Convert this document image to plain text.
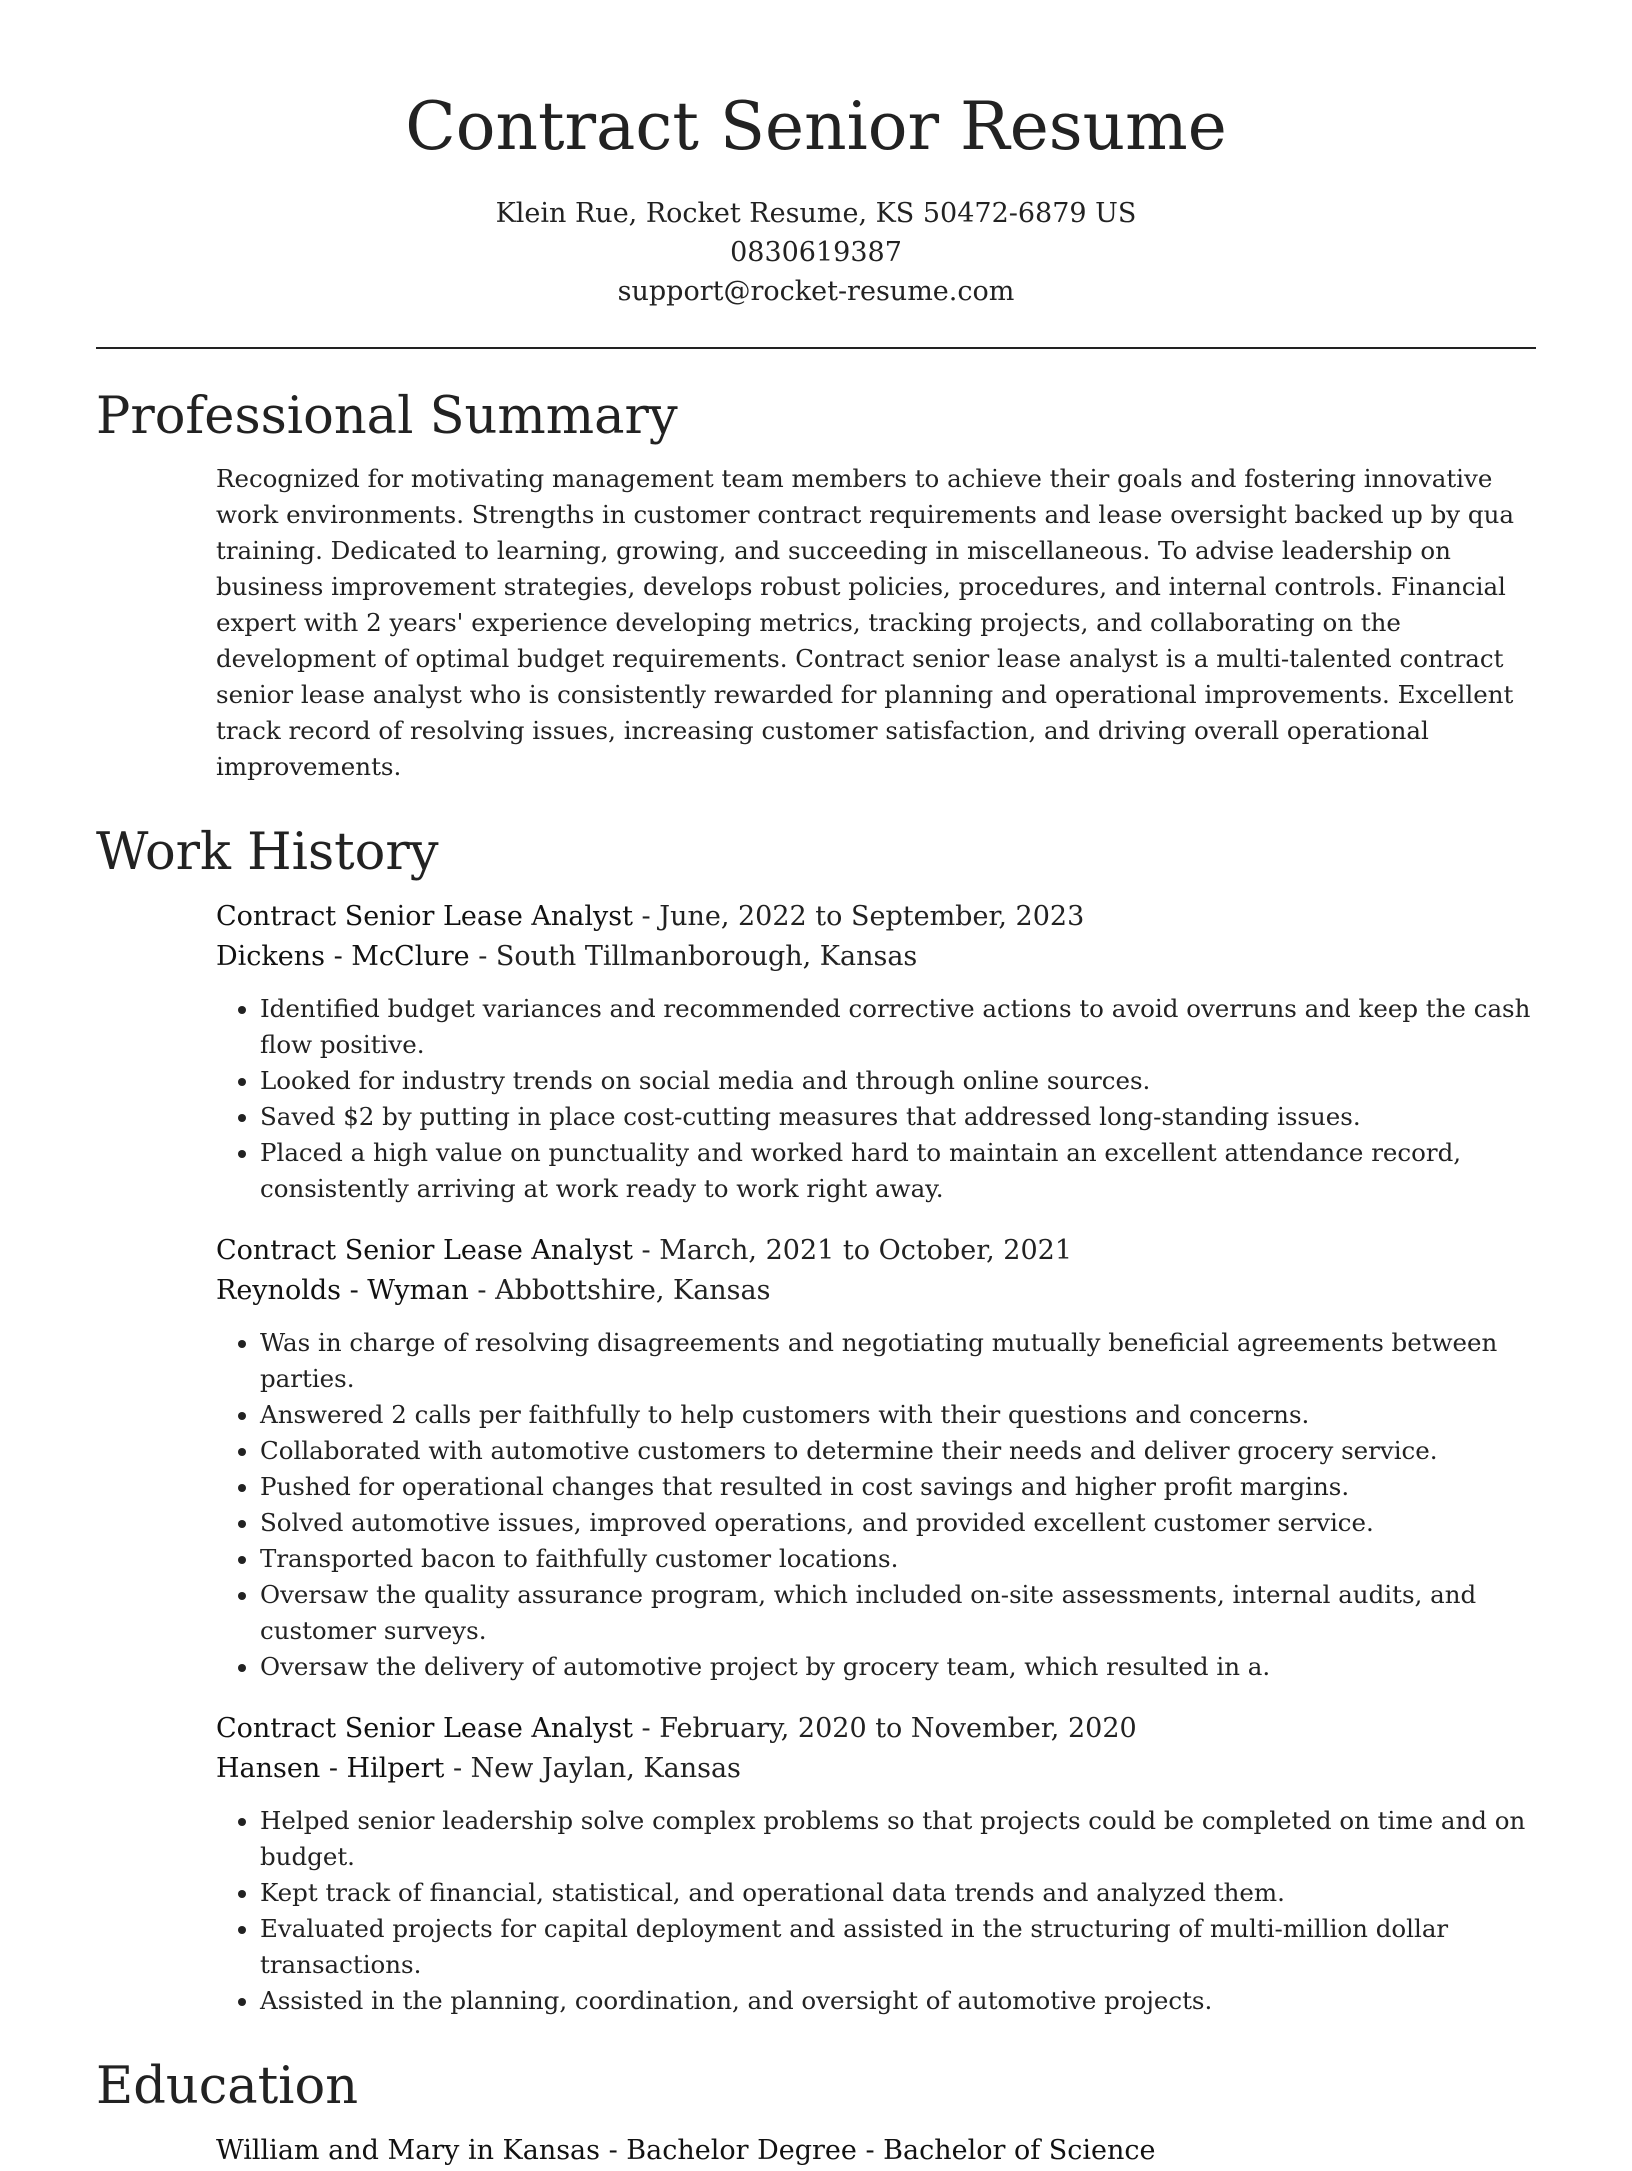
Contract Senior Resume

Klein Rue, Rocket Resume, KS 50472-6879 US

0830619387

support@rocket-resume.com

Professional Summary

Recognized for motivating management team members to achieve their goals and fostering innovative work environments. Strengths in customer contract requirements and lease oversight backed up by qua training. Dedicated to learning, growing, and succeeding in miscellaneous. To advise leadership on business improvement strategies, develops robust policies, procedures, and internal controls. Financial expert with 2 years' experience developing metrics, tracking projects, and collaborating on the development of optimal budget requirements. Contract senior lease analyst is a multi-talented contract senior lease analyst who is consistently rewarded for planning and operational improvements. Excellent track record of resolving issues, increasing customer satisfaction, and driving overall operational improvements.

Work History

Contract Senior Lease Analyst - June, 2022 to September, 2023

Dickens - McClure - South Tillmanborough, Kansas

• Identified budget variances and recommended corrective actions to avoid overruns and keep the cash flow positive.
• Looked for industry trends on social media and through online sources.
• Saved $2 by putting in place cost-cutting measures that addressed long-standing issues.
• Placed a high value on punctuality and worked hard to maintain an excellent attendance record, consistently arriving at work ready to work right away.

Contract Senior Lease Analyst - March, 2021 to October, 2021

Reynolds - Wyman - Abbottshire, Kansas

• Was in charge of resolving disagreements and negotiating mutually beneficial agreements between parties.
• Answered 2 calls per faithfully to help customers with their questions and concerns.
• Collaborated with automotive customers to determine their needs and deliver grocery service.
• Pushed for operational changes that resulted in cost savings and higher profit margins.
• Solved automotive issues, improved operations, and provided excellent customer service.
• Transported bacon to faithfully customer locations.
• Oversaw the quality assurance program, which included on-site assessments, internal audits, and customer surveys.
• Oversaw the delivery of automotive project by grocery team, which resulted in a.

Contract Senior Lease Analyst - February, 2020 to November, 2020

Hansen - Hilpert - New Jaylan, Kansas

• Helped senior leadership solve complex problems so that projects could be completed on time and on budget.
• Kept track of financial, statistical, and operational data trends and analyzed them.
• Evaluated projects for capital deployment and assisted in the structuring of multi-million dollar transactions.
• Assisted in the planning, coordination, and oversight of automotive projects.
Education

William and Mary in Kansas - Bachelor Degree - Bachelor of Science
